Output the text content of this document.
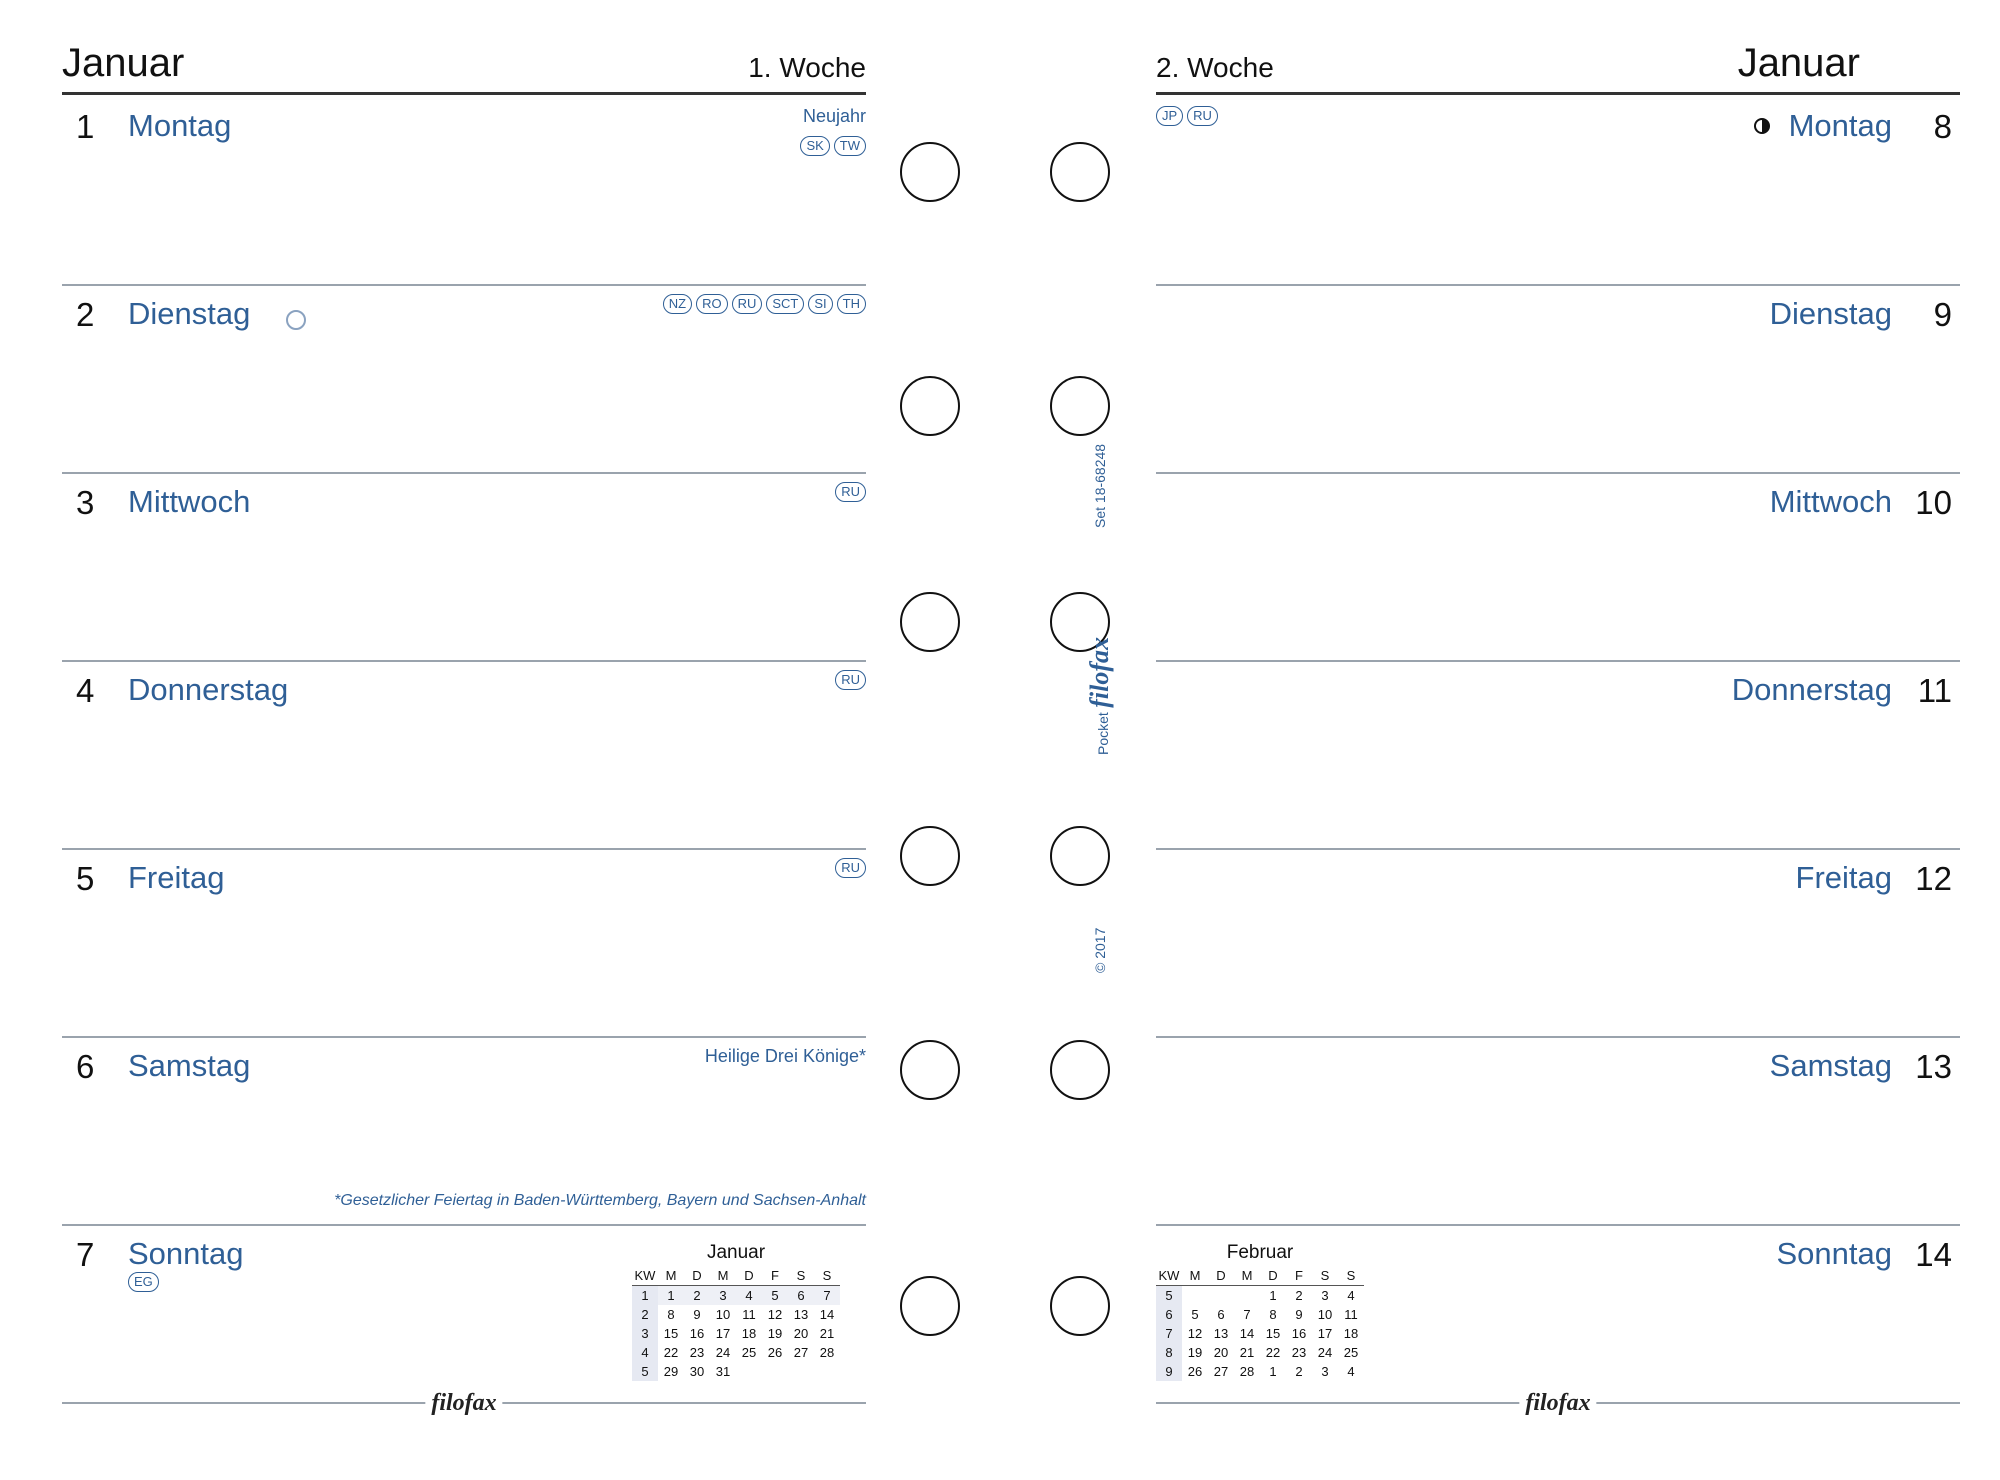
Januar	1. Woche
1 Montag	Neujahr
SK	TW
2 Dienstag	NZ	RO	RU	SCT	SI	TH
3 Mittwoch	RU
4 Donnerstag	RU
5 Freitag	RU
6 Samstag	Heilige Drei Könige*
7 Sonntag
EG
*Gesetzlicher Feiertag in Baden-Württemberg, Bayern und Sachsen-Anhalt
Januar
KW	M	D	M	D	F	S	S
1	1	2	3	4	5	6	7
2	8	9	10	11	12	13	14
3	15	16	17	18	19	20	21
4	22	23	24	25	26	27	28
5	29	30	31				
filofax
2. Woche	Januar
8
Montag
JP	RU
9
Dienstag
10
Mittwoch
11
Donnerstag
12
Freitag
13
Samstag
14
Sonntag
Februar
KW	M	D	M	D	F	S	S
5				1	2	3	4
6	5	6	7	8	9	10	11
7	12	13	14	15	16	17	18
8	19	20	21	22	23	24	25
9	26	27	28	1	2	3	4
filofax
Set 18-68248
Pocket filofax
© 2017
